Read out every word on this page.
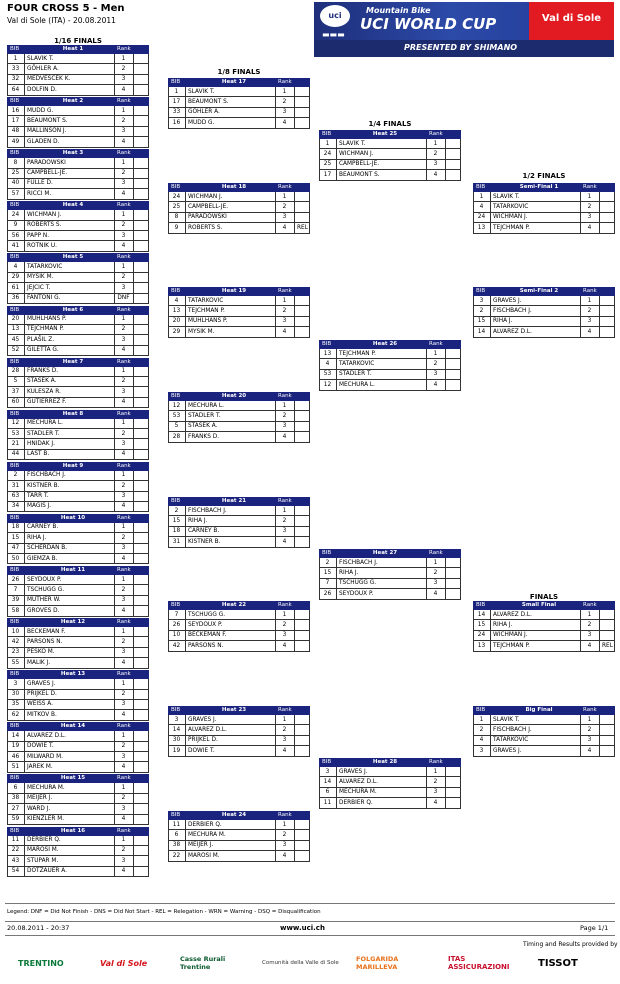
FOUR CROSS 5 - Men
Val di Sole (ITA) - 20.08.2011
uci
▬▬▬
Mountain Bike
UCI WORLD CUP	Val di Sole
PRESENTED BY SHIMANO
1/16 FINALS
1/8 FINALS
1/4 FINALS
1/2 FINALS
FINALS
BIB	Heat 1	Rank
1	SLAVIK T.	1
33	GÖHLER A.	2
32	MEDVESCEK K.	3
64	DOLFIN D.	4
BIB	Heat 2	Rank
16	MUDD G.	1
17	BEAUMONT S.	2
48	MALLINSON J.	3
49	GLADEN D.	4
BIB	Heat 3	Rank
8	PARADOWSKI	1
25	CAMPBELL-JE.	2
40	FÜLLE D.	3
57	RICCI M.	4
BIB	Heat 4	Rank
24	WICHMAN J.	1
9	ROBERTS S.	2
56	PAPP N.	3
41	ROTNIK U.	4
BIB	Heat 5	Rank
4	TATARKOVIC	1
29	MYSIK M.	2
61	JEJCIC T.	3
36	FANTONI G.	DNF
BIB	Heat 6	Rank
20	MUHLHANS P.	1
13	TEJCHMAN P.	2
45	PLAŠIL Z.	3
52	GILETTA G.	4
BIB	Heat 7	Rank
28	FRANKS D.	1
5	STASEK A.	2
37	KULESZA R.	3
60	GUTIERREZ F.	4
BIB	Heat 8	Rank
12	MECHURA L.	1
53	STADLER T.	2
21	HNIDAK J.	3
44	LAST B.	4
BIB	Heat 9	Rank
2	FISCHBACH J.	1
31	KISTNER B.	2
63	TARR T.	3
34	MAGIS J.	4
BIB	Heat 10	Rank
18	CARNEY B.	1
15	RIHA J.	2
47	SCHERDAN B.	3
50	GIEMZA B.	4
BIB	Heat 11	Rank
26	SEYDOUX P.	1
7	TSCHUGG G.	2
39	MUTHER W.	3
58	GROVES D.	4
BIB	Heat 12	Rank
10	BECKEMAN F.	1
42	PARSONS N.	2
23	PESKO M.	3
55	MALIK J.	4
BIB	Heat 13	Rank
3	GRAVES J.	1
30	PRIJKEL D.	2
35	WEISS A.	3
62	MITKOV B.	4
BIB	Heat 14	Rank
14	ALVAREZ D.L.	1
19	DOWIE T.	2
46	MILWARD M.	3
51	JAREK M.	4
BIB	Heat 15	Rank
6	MECHURA M.	1
38	MEIJER J.	2
27	WARD J.	3
59	KIENZLER M.	4
BIB	Heat 16	Rank
11	DERBIER Q.	1
22	MAROSI M.	2
43	STUPAR M.	3
54	DOTZAUER A.	4
BIB	Heat 17	Rank
1	SLAVIK T.	1
17	BEAUMONT S.	2
33	GÖHLER A.	3
16	MUDD G.	4
BIB	Heat 18	Rank
24	WICHMAN J.	1
25	CAMPBELL-JE.	2
8	PARADOWSKI	3
9	ROBERTS S.	4	REL
BIB	Heat 19	Rank
4	TATARKOVIC	1
13	TEJCHMAN P.	2
20	MUHLHANS P.	3
29	MYSIK M.	4
BIB	Heat 20	Rank
12	MECHURA L.	1
53	STADLER T.	2
5	STASEK A.	3
28	FRANKS D.	4
BIB	Heat 21	Rank
2	FISCHBACH J.	1
15	RIHA J.	2
18	CARNEY B.	3
31	KISTNER B.	4
BIB	Heat 22	Rank
7	TSCHUGG G.	1
26	SEYDOUX P.	2
10	BECKEMAN F.	3
42	PARSONS N.	4
BIB	Heat 23	Rank
3	GRAVES J.	1
14	ALVAREZ D.L.	2
30	PRIJKEL D.	3
19	DOWIE T.	4
BIB	Heat 24	Rank
11	DERBIER Q.	1
6	MECHURA M.	2
38	MEIJER J.	3
22	MAROSI M.	4
BIB	Heat 25	Rank
1	SLAVIK T.	1
24	WICHMAN J.	2
25	CAMPBELL-JE.	3
17	BEAUMONT S.	4
BIB	Heat 26	Rank
13	TEJCHMAN P.	1
4	TATARKOVIC	2
53	STADLER T.	3
12	MECHURA L.	4
BIB	Heat 27	Rank
2	FISCHBACH J.	1
15	RIHA J.	2
7	TSCHUGG G.	3
26	SEYDOUX P.	4
BIB	Heat 28	Rank
3	GRAVES J.	1
14	ALVAREZ D.L.	2
6	MECHURA M.	3
11	DERBIER Q.	4
BIB	Semi-Final 1	Rank
1	SLAVIK T.	1
4	TATARKOVIC	2
24	WICHMAN J.	3
13	TEJCHMAN P.	4
BIB	Semi-Final 2	Rank
3	GRAVES J.	1
2	FISCHBACH J.	2
15	RIHA J.	3
14	ALVAREZ D.L.	4
BIB	Small Final	Rank
14	ALVAREZ D.L.	1
15	RIHA J.	2
24	WICHMAN J.	3
13	TEJCHMAN P.	4	REL
BIB	Big Final	Rank
1	SLAVIK T.	1
2	FISCHBACH J.	2
4	TATARKOVIC	3
3	GRAVES J.	4
Legend: DNF = Did Not Finish - DNS = Did Not Start - REL = Relegation - WRN = Warning - DSQ = Disqualification
20.08.2011 - 20:37	www.uci.ch	Page 1/1
Timing and Results provided by
TRENTINO	Val di Sole	Casse Rurali Trentine	Comunità della Valle di Sole	FOLGARIDA MARILLEVA
ITAS ASSICURAZIONI	TISSOT
